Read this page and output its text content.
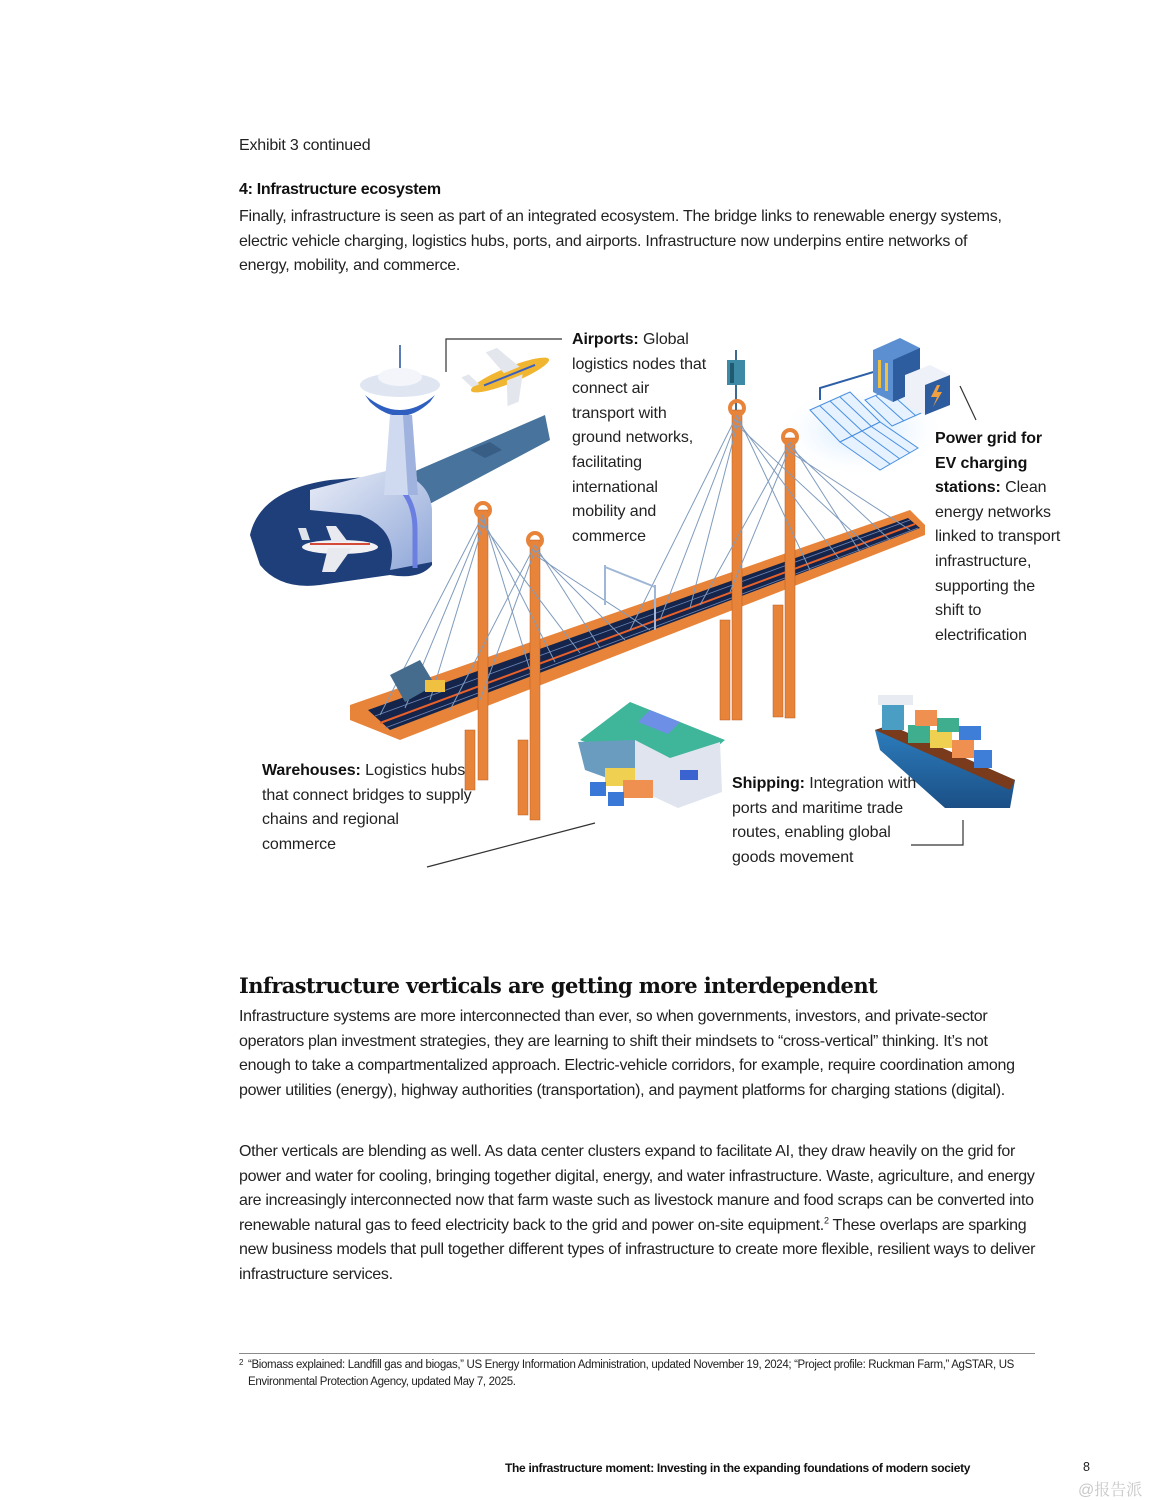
Exhibit 3 continued
4: Infrastructure ecosystem
Finally, infrastructure is seen as part of an integrated ecosystem. The bridge links to renewable energy systems, electric vehicle charging, logistics hubs, ports, and airports. Infrastructure now underpins entire networks of energy, mobility, and commerce.
Airports: Global logistics nodes that connect air transport with ground networks, facilitating international mobility and commerce
Power grid for EV charging stations: Clean energy networks linked to transport infrastructure, supporting the shift to electrification
Warehouses: Logistics hubs that connect bridges to supply chains and regional commerce
Shipping: Integration with ports and maritime trade routes, enabling global goods movement
Infrastructure verticals are getting more interdependent
Infrastructure systems are more interconnected than ever, so when governments, investors, and private-sector operators plan investment strategies, they are learning to shift their mindsets to “cross-vertical” thinking. It’s not enough to take a compartmentalized approach. Electric-vehicle corridors, for example, require coordination among power utilities (energy), highway authorities (transportation), and payment platforms for charging stations (digital).
Other verticals are blending as well. As data center clusters expand to facilitate AI, they draw heavily on the grid for power and water for cooling, bringing together digital, energy, and water infrastructure. Waste, agriculture, and energy are increasingly interconnected now that farm waste such as livestock manure and food scraps can be converted into renewable natural gas to feed electricity back to the grid and power on-site equipment.$^2$ These overlaps are sparking new business models that pull together different types of infrastructure to create more flexible, resilient ways to deliver infrastructure services.
2 “Biomass explained: Landfill gas and biogas,” US Energy Information Administration, updated November 19, 2024; “Project profile: Ruckman Farm,” AgSTAR, US Environmental Protection Agency, updated May 7, 2025.
The infrastructure moment: Investing in the expanding foundations of modern society	8
@报告派
